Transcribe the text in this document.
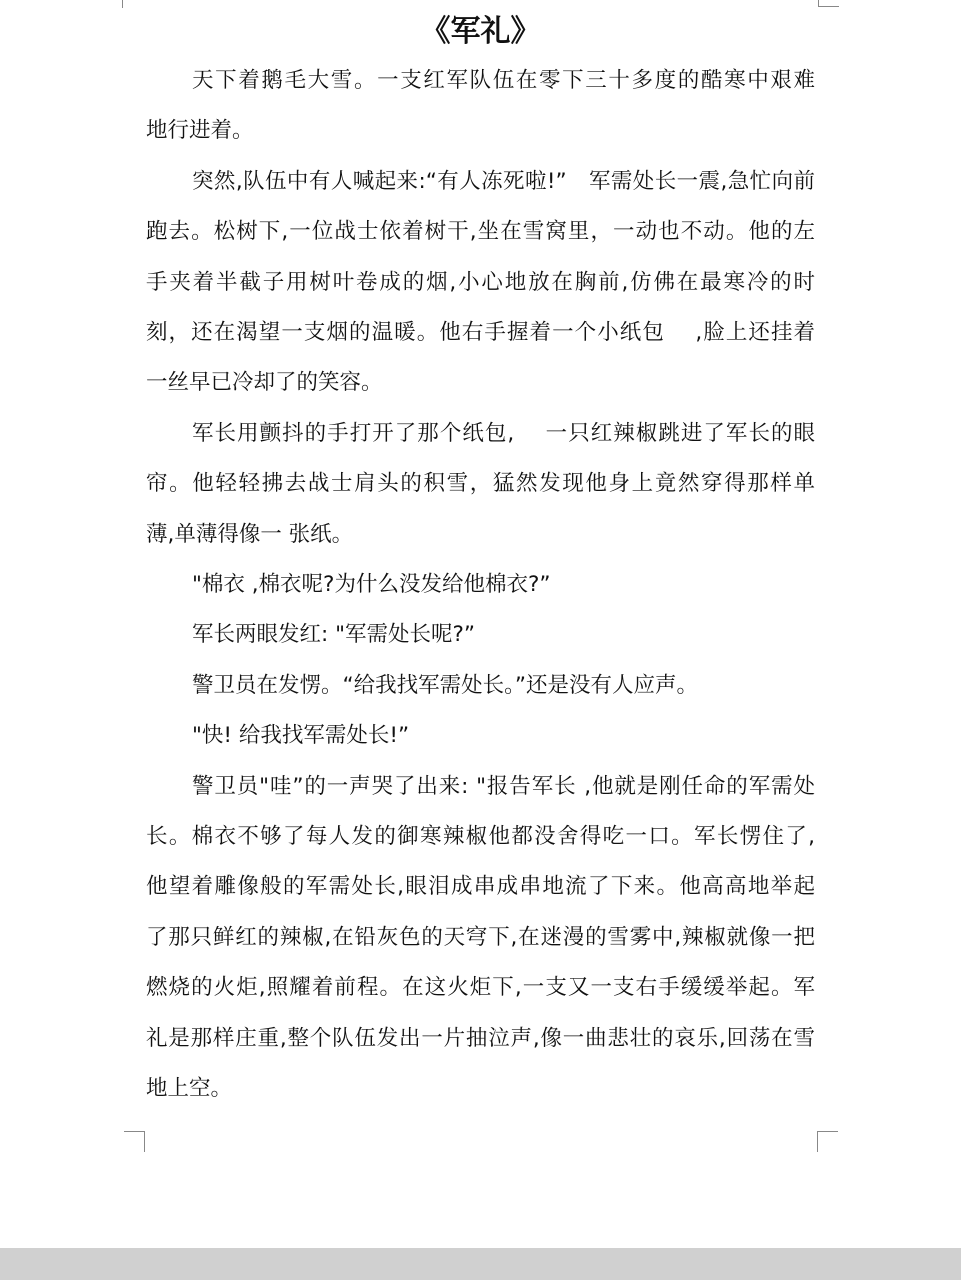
《军礼》
天下着鹅毛大雪。一支红军队伍在零下三十多度的酷寒中艰难
地行进着。
突然,队伍中有人喊起来:“有人冻死啦!”　军需处长一震,急忙向前
跑去。松树下,一位战士依着树干,坐在雪窝里，一动也不动。他的左
手夹着半截子用树叶卷成的烟,小心地放在胸前,仿佛在最寒冷的时
刻，还在渴望一支烟的温暖。他右手握着一个小纸包　 ,脸上还挂着
一丝早已冷却了的笑容。
军长用颤抖的手打开了那个纸包,　 一只红辣椒跳进了军长的眼
帘。他轻轻拂去战士肩头的积雪，猛然发现他身上竟然穿得那样单
薄,单薄得像一 张纸。
"棉衣 ,棉衣呢?为什么没发给他棉衣?”
军长两眼发红: "军需处长呢?”
警卫员在发愣。“给我找军需处长。”还是没有人应声。
"快! 给我找军需处长!”
警卫员"哇”的一声哭了出来: "报告军长 ,他就是刚任命的军需处
长。棉衣不够了每人发的御寒辣椒他都没舍得吃一口。军长愣住了,
他望着雕像般的军需处长,眼泪成串成串地流了下来。他高高地举起
了那只鲜红的辣椒,在铅灰色的天穹下,在迷漫的雪雾中,辣椒就像一把
燃烧的火炬,照耀着前程。在这火炬下,一支又一支右手缓缓举起。军
礼是那样庄重,整个队伍发出一片抽泣声,像一曲悲壮的哀乐,回荡在雪
地上空。
